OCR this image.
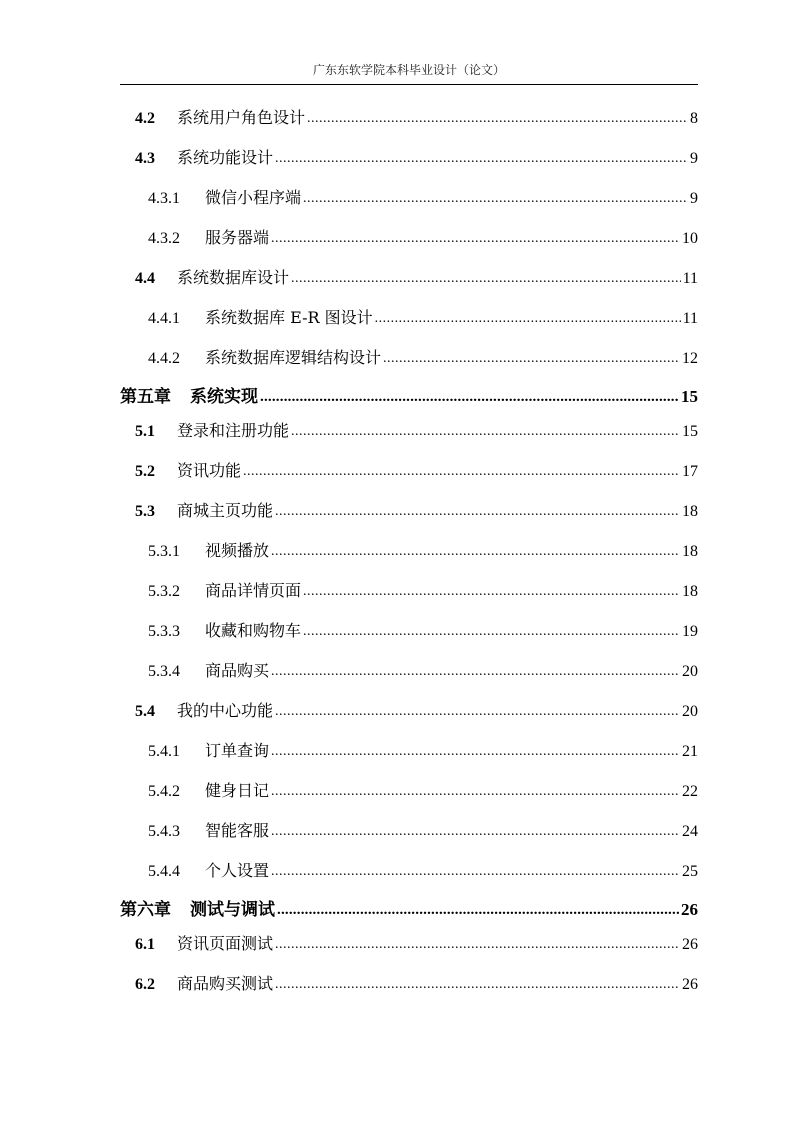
广东东软学院本科毕业设计（论文）
4.2	系统用户角色设计 .....	8
4.3	系统功能设计 .....	9
4.3.1	微信小程序端 .....	9
4.3.2	服务器端 .....	10
4.4	系统数据库设计 .....	11
4.4.1	系统数据库 E-R 图设计 .....	11
4.4.2	系统数据库逻辑结构设计 .....	12
第五章	系统实现 .....	15
5.1	登录和注册功能 .....	15
5.2	资讯功能 .....	17
5.3	商城主页功能 .....	18
5.3.1	视频播放 .....	18
5.3.2	商品详情页面 .....	18
5.3.3	收藏和购物车 .....	19
5.3.4	商品购买 .....	20
5.4	我的中心功能 .....	20
5.4.1	订单查询 .....	21
5.4.2	健身日记 .....	22
5.4.3	智能客服 .....	24
5.4.4	个人设置 .....	25
第六章	测试与调试 .....	26
6.1	资讯页面测试 .....	26
6.2	商品购买测试 .....	26
